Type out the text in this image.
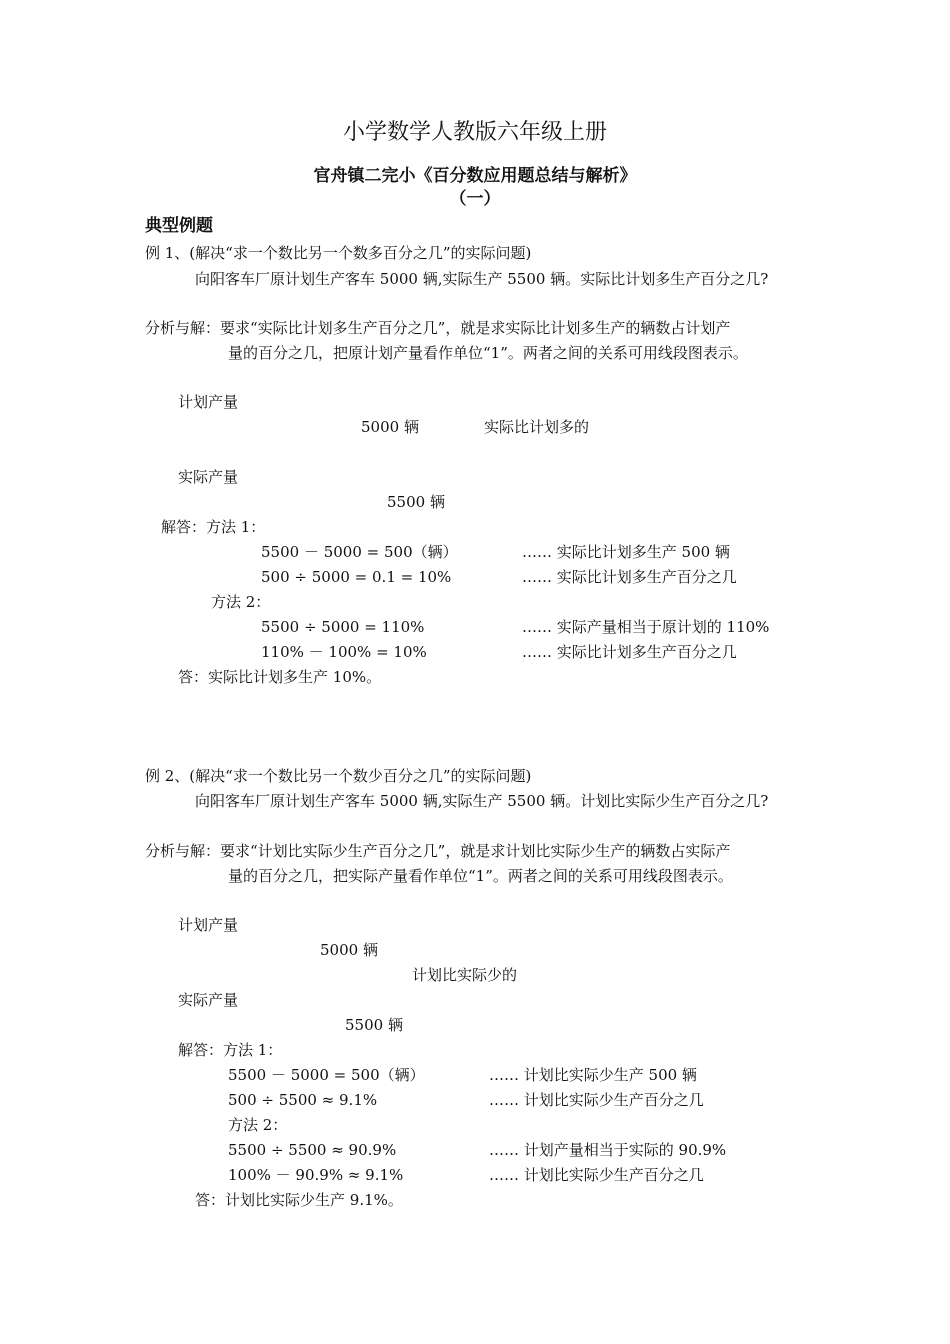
小学数学人教版六年级上册
官舟镇二完小《百分数应用题总结与解析》
（一）
典型例题
例 1、(解决“求一个数比另一个数多百分之几”的实际问题)
向阳客车厂原计划生产客车 5000 辆,实际生产 5500 辆。实际比计划多生产百分之几?
分析与解：要求“实际比计划多生产百分之几”，就是求实际比计划多生产的辆数占计划产
量的百分之几，把原计划产量看作单位“1”。两者之间的关系可用线段图表示。
计划产量
5000 辆	实际比计划多的
实际产量
5500 辆
解答：方法 1：
5500 － 5000 = 500（辆）	…… 实际比计划多生产 500 辆
500 ÷ 5000 = 0.1 = 10%	…… 实际比计划多生产百分之几
方法 2：
5500 ÷ 5000 = 110%	…… 实际产量相当于原计划的 110%
110% － 100% = 10%	…… 实际比计划多生产百分之几
答：实际比计划多生产 10%。
例 2、(解决“求一个数比另一个数少百分之几”的实际问题)
向阳客车厂原计划生产客车 5000 辆,实际生产 5500 辆。计划比实际少生产百分之几?
分析与解：要求“计划比实际少生产百分之几”，就是求计划比实际少生产的辆数占实际产
量的百分之几，把实际产量看作单位“1”。两者之间的关系可用线段图表示。
计划产量
5000 辆
计划比实际少的
实际产量
5500 辆
解答：方法 1：
5500 － 5000 = 500（辆）	…… 计划比实际少生产 500 辆
500 ÷ 5500 ≈ 9.1%	…… 计划比实际少生产百分之几
方法 2：
5500 ÷ 5500 ≈ 90.9%	…… 计划产量相当于实际的 90.9%
100% － 90.9% ≈ 9.1%	…… 计划比实际少生产百分之几
答：计划比实际少生产 9.1%。
